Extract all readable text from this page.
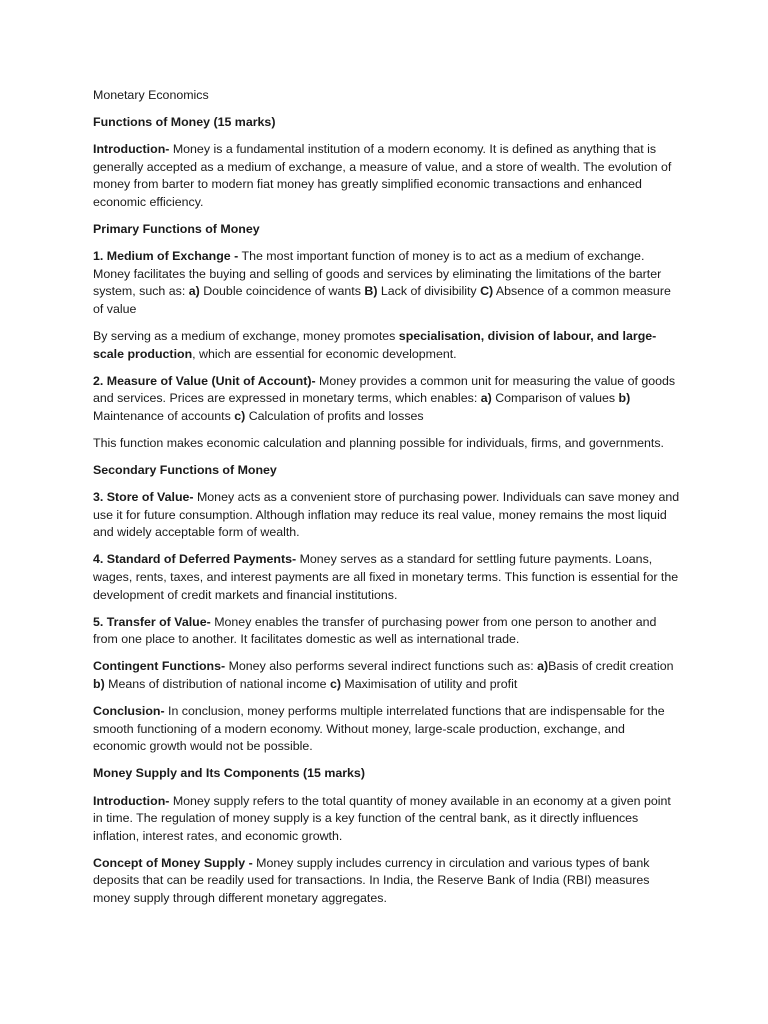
Monetary Economics

Functions of Money (15 marks)

Introduction- Money is a fundamental institution of a modern economy. It is defined as anything that is generally accepted as a medium of exchange, a measure of value, and a store of wealth. The evolution of money from barter to modern fiat money has greatly simplified economic transactions and enhanced economic efficiency.

Primary Functions of Money

1. Medium of Exchange - The most important function of money is to act as a medium of exchange. Money facilitates the buying and selling of goods and services by eliminating the limitations of the barter system, such as: a) Double coincidence of wants B) Lack of divisibility C) Absence of a common measure of value

By serving as a medium of exchange, money promotes specialisation, division of labour, and large-scale production, which are essential for economic development.

2. Measure of Value (Unit of Account)- Money provides a common unit for measuring the value of goods and services. Prices are expressed in monetary terms, which enables: a) Comparison of values b) Maintenance of accounts c) Calculation of profits and losses

This function makes economic calculation and planning possible for individuals, firms, and governments.

Secondary Functions of Money

3. Store of Value- Money acts as a convenient store of purchasing power. Individuals can save money and use it for future consumption. Although inflation may reduce its real value, money remains the most liquid and widely acceptable form of wealth.

4. Standard of Deferred Payments- Money serves as a standard for settling future payments. Loans, wages, rents, taxes, and interest payments are all fixed in monetary terms. This function is essential for the development of credit markets and financial institutions.

5. Transfer of Value- Money enables the transfer of purchasing power from one person to another and from one place to another. It facilitates domestic as well as international trade.

Contingent Functions- Money also performs several indirect functions such as: a)Basis of credit creation b) Means of distribution of national income c) Maximisation of utility and profit

Conclusion- In conclusion, money performs multiple interrelated functions that are indispensable for the smooth functioning of a modern economy. Without money, large-scale production, exchange, and economic growth would not be possible.

Money Supply and Its Components (15 marks)

Introduction- Money supply refers to the total quantity of money available in an economy at a given point in time. The regulation of money supply is a key function of the central bank, as it directly influences inflation, interest rates, and economic growth.

Concept of Money Supply - Money supply includes currency in circulation and various types of bank deposits that can be readily used for transactions. In India, the Reserve Bank of India (RBI) measures money supply through different monetary aggregates.
